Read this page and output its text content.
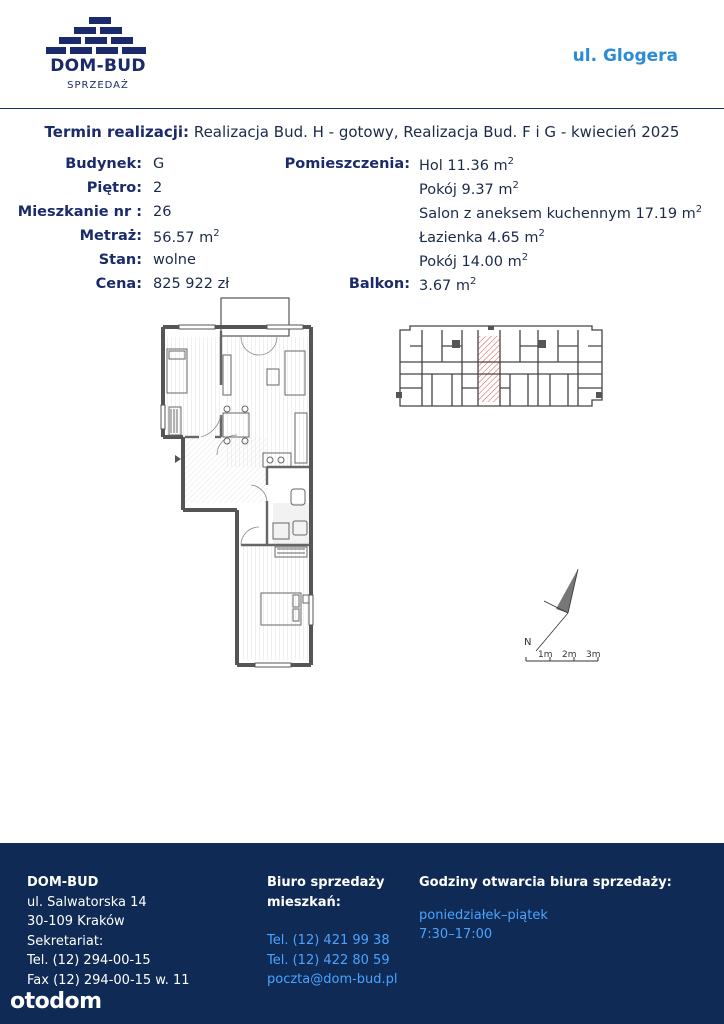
DOM-BUD
SPRZEDAŻ
ul. Glogera
Termin realizacji: Realizacja Bud. H - gotowy, Realizacja Bud. F i G - kwiecień 2025
Budynek: G
Piętro: 2
Mieszkanie nr : 26
Metraż: 56.57 $m^2$
Stan: wolne
Cena: 825 922 zł
Pomieszczenia: Hol 11.36 $m^2$
Pokój 9.37 $m^2$
Salon z aneksem kuchennym 17.19 $m^2$
Łazienka 4.65 $m^2$
Pokój 14.00 $m^2$
Balkon: 3.67 $m^2$
N
1m 2m 3m
DOM-BUD
ul. Salwatorska 14
30-109 Kraków
Sekretariat:
Tel. (12) 294-00-15
Fax (12) 294-00-15 w. 11
Biuro sprzedaży
mieszkań:
Tel. (12) 421 99 38
Tel. (12) 422 80 59
poczta@dom-bud.pl
Godziny otwarcia biura sprzedaży:
poniedziałek–piątek
7:30–17:00
otodom
